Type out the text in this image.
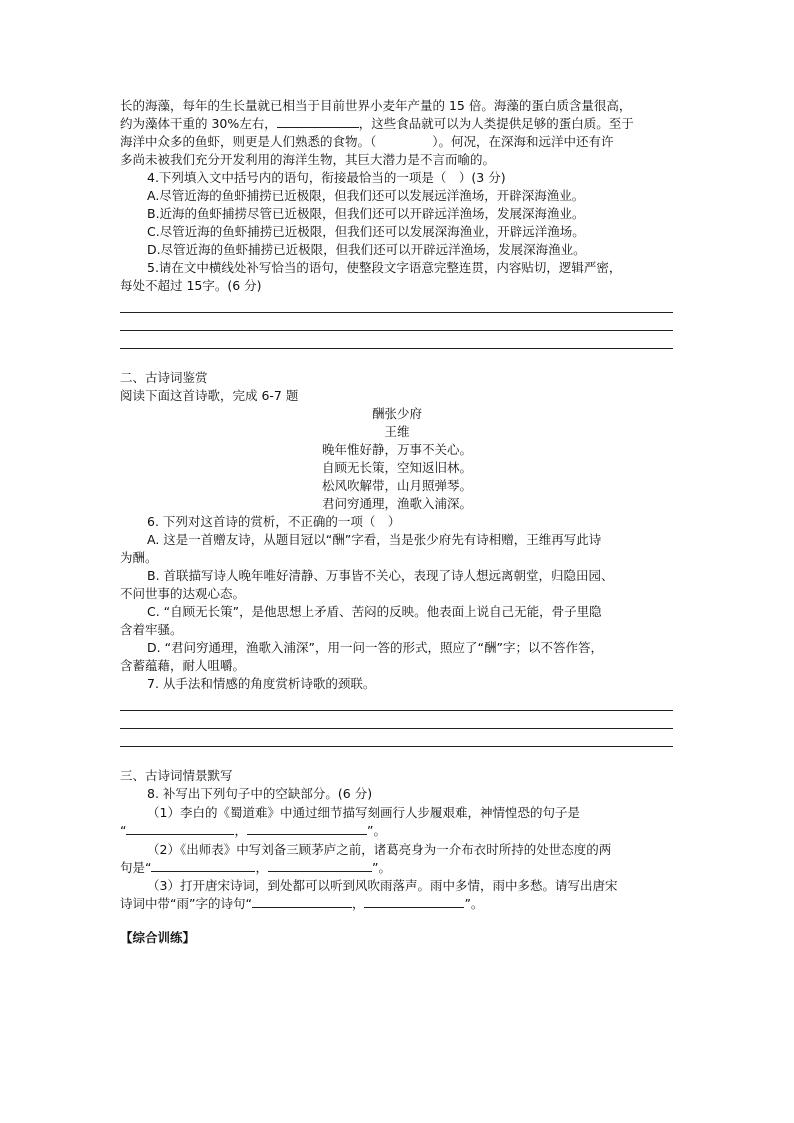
长的海藻，每年的生长量就已相当于目前世界小麦年产量的 15 倍。海藻的蛋白质含量很高，
约为藻体干重的 30%左右，	，这些食品就可以为人类提供足够的蛋白质。至于
海洋中众多的鱼虾，则更是人们熟悉的食物。（	）。何况，在深海和远洋中还有许
多尚未被我们充分开发利用的海洋生物，其巨大潜力是不言而喻的。
4.下列填入文中括号内的语句，衔接最恰当的一项是（　）(3 分)
A.尽管近海的鱼虾捕捞已近极限，但我们还可以发展远洋渔场，开辟深海渔业。
B.近海的鱼虾捕捞尽管已近极限，但我们还可以开辟远洋渔场，发展深海渔业。
C.尽管近海的鱼虾捕捞已近极限，但我们还可以发展深海渔业，开辟远洋渔场。
D.尽管近海的鱼虾捕捞已近极限，但我们还可以开辟远洋渔场，发展深海渔业。
5.请在文中横线处补写恰当的语句，使整段文字语意完整连贯，内容贴切，逻辑严密，
每处不超过 15字。(6 分)
二、古诗词鉴赏
阅读下面这首诗歌，完成 6-7 题
酬张少府
王维
晚年惟好静，万事不关心。
自顾无长策，空知返旧林。
松风吹解带，山月照弹琴。
君问穷通理，渔歌入浦深。
6. 下列对这首诗的赏析，不正确的一项（　）
A. 这是一首赠友诗，从题目冠以“酬”字看，当是张少府先有诗相赠，王维再写此诗
为酬。
B. 首联描写诗人晚年唯好清静、万事皆不关心，表现了诗人想远离朝堂，归隐田园、
不问世事的达观心态。
C. “自顾无长策”，是他思想上矛盾、苦闷的反映。他表面上说自己无能，骨子里隐
含着牢骚。
D. “君问穷通理，渔歌入浦深”，用一问一答的形式，照应了“酬”字；以不答作答，
含蓄蕴藉，耐人咀嚼。
7. 从手法和情感的角度赏析诗歌的颈联。
三、古诗词情景默写
8. 补写出下列句子中的空缺部分。(6 分)
（1）李白的《蜀道难》中通过细节描写刻画行人步履艰难，神情惶恐的句子是
“	，	”。
（2）《出师表》中写刘备三顾茅庐之前，诸葛亮身为一介布衣时所持的处世态度的两
句是“	，	”。
（3）打开唐宋诗词，到处都可以听到风吹雨落声。雨中多情，雨中多愁。请写出唐宋
诗词中带“雨”字的诗句“	，	”。
【综合训练】
